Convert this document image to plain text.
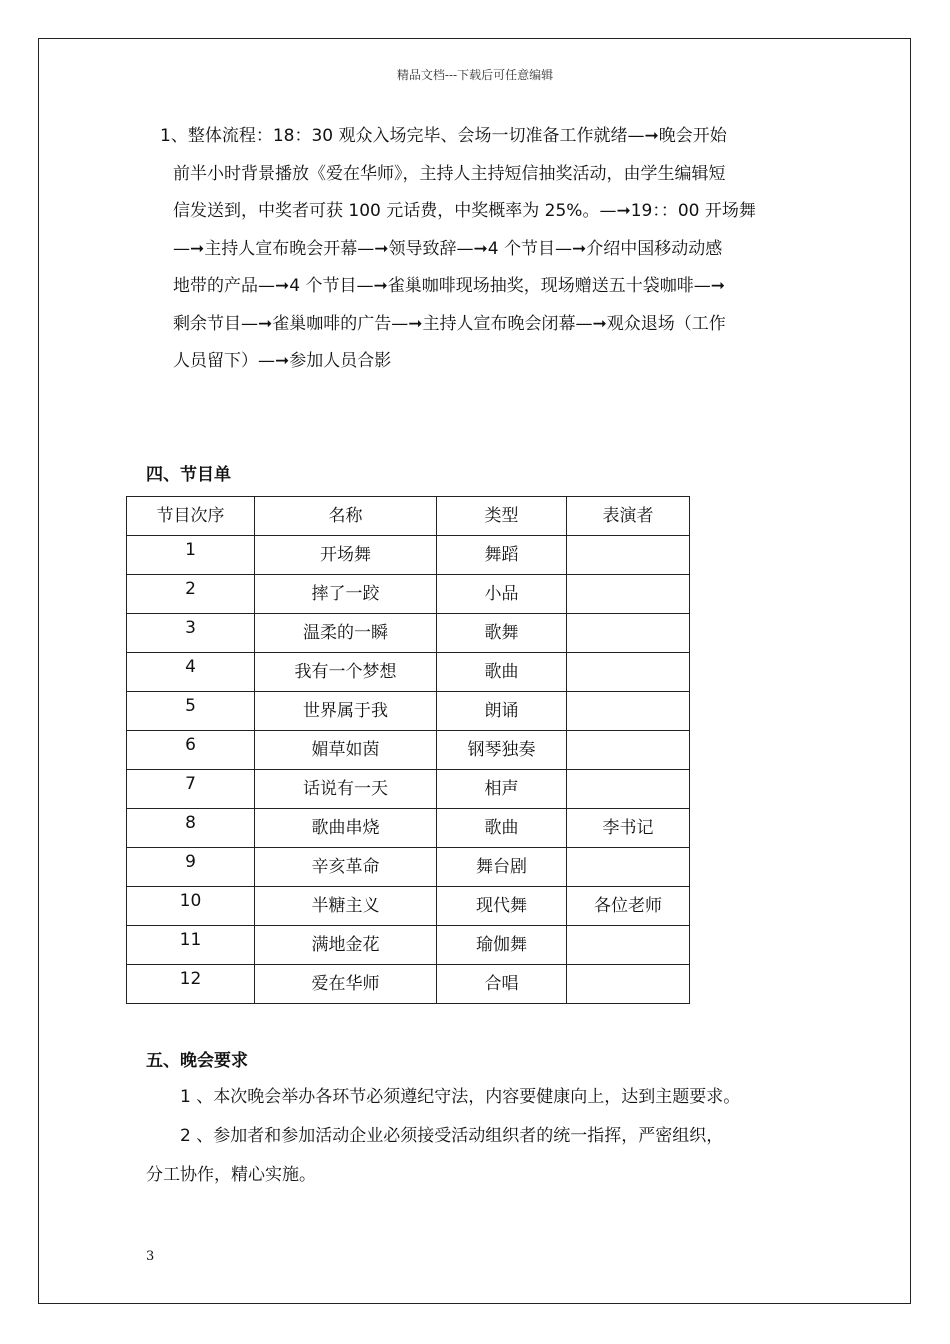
精品文档---下载后可任意编辑
1、整体流程：18：30 观众入场完毕、会场一切准备工作就绪—➞晚会开始
前半小时背景播放《爱在华师》，主持人主持短信抽奖活动，由学生编辑短
信发送到，中奖者可获 100 元话费，中奖概率为 25%。—➞19：：00 开场舞
—➞主持人宣布晚会开幕—➞领导致辞—➞4 个节目—➞介绍中国移动动感
地带的产品—➞4 个节目—➞雀巢咖啡现场抽奖，现场赠送五十袋咖啡—➞
剩余节目—➞雀巢咖啡的广告—➞主持人宣布晚会闭幕—➞观众退场（工作
人员留下）—➞参加人员合影
四、节目单
节目次序	名称	类型	表演者
1	开场舞	舞蹈	
2	摔了一跤	小品	
3	温柔的一瞬	歌舞	
4	我有一个梦想	歌曲	
5	世界属于我	朗诵	
6	媚草如茵	钢琴独奏	
7	话说有一天	相声	
8	歌曲串烧	歌曲	李书记
9	辛亥革命	舞台剧	
10	半糖主义	现代舞	各位老师
11	满地金花	瑜伽舞	
12	爱在华师	合唱	
五、晚会要求
1 、本次晚会举办各环节必须遵纪守法，内容要健康向上，达到主题要求。
2 、参加者和参加活动企业必须接受活动组织者的统一指挥，严密组织，
分工协作，精心实施。
3
